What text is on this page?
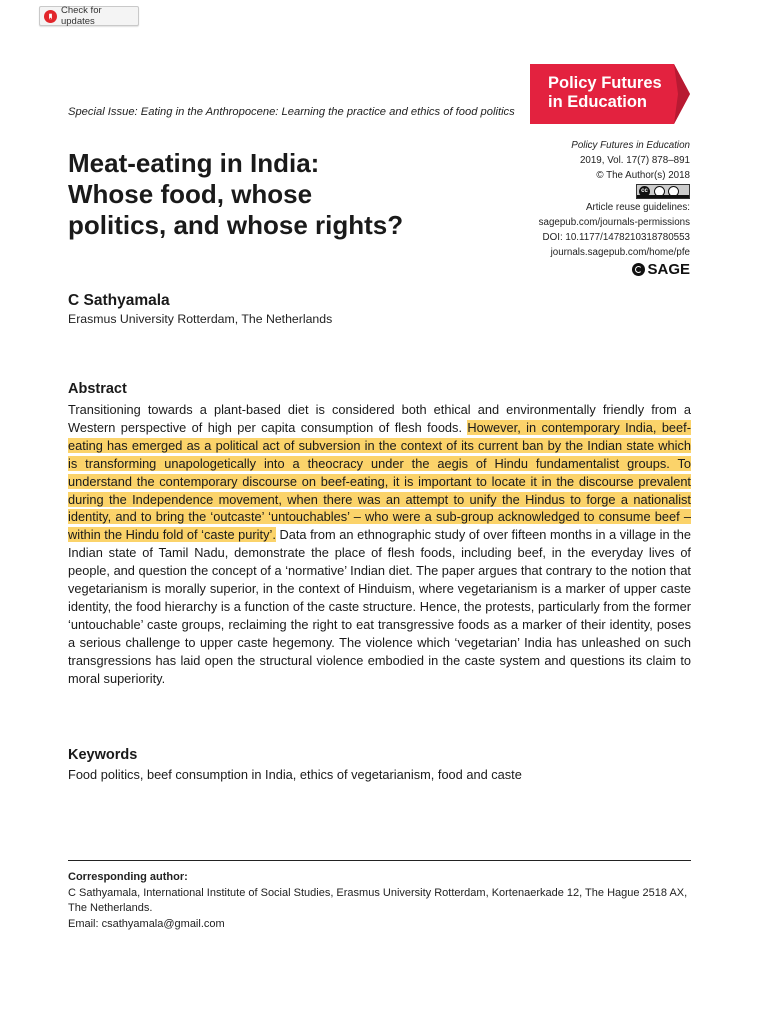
Check for updates
Policy Futures
in Education
Special Issue: Eating in the Anthropocene: Learning the practice and ethics of food politics
Meat-eating in India:
Whose food, whose
politics, and whose rights?
Policy Futures in Education
2019, Vol. 17(7) 878–891
© The Author(s) 2018
cc
Article reuse guidelines:
sagepub.com/journals-permissions
DOI: 10.1177/1478210318780553
journals.sagepub.com/home/pfe
SAGE
C Sathyamala
Erasmus University Rotterdam, The Netherlands
Abstract

Transitioning towards a plant-based diet is considered both ethical and environmentally friendly from a Western perspective of high per capita consumption of flesh foods. However, in contemporary India, beef-eating has emerged as a political act of subversion in the context of its current ban by the Indian state which is transforming unapologetically into a theocracy under the aegis of Hindu fundamentalist groups. To understand the contemporary discourse on beef-eating, it is important to locate it in the discourse prevalent during the Independence movement, when there was an attempt to unify the Hindus to forge a nationalist identity, and to bring the ‘outcaste’ ‘untouchables’ – who were a sub-group acknowledged to consume beef – within the Hindu fold of ‘caste purity’. Data from an ethnographic study of over fifteen months in a village in the Indian state of Tamil Nadu, demonstrate the place of flesh foods, including beef, in the everyday lives of people, and question the concept of a ‘normative’ Indian diet. The paper argues that contrary to the notion that vegetarianism is morally superior, in the context of Hinduism, where vegetarianism is a marker of upper caste identity, the food hierarchy is a function of the caste structure. Hence, the protests, particularly from the former ‘untouchable’ caste groups, reclaiming the right to eat transgressive foods as a marker of their identity, poses a serious challenge to upper caste hegemony. The violence which ‘vegetarian’ India has unleashed on such transgressions has laid open the structural violence embodied in the caste system and questions its claim to moral superiority.

Keywords
Food politics, beef consumption in India, ethics of vegetarianism, food and caste
Corresponding author:
C Sathyamala, International Institute of Social Studies, Erasmus University Rotterdam, Kortenaerkade 12, The Hague 2518 AX, The Netherlands.
Email: csathyamala@gmail.com
